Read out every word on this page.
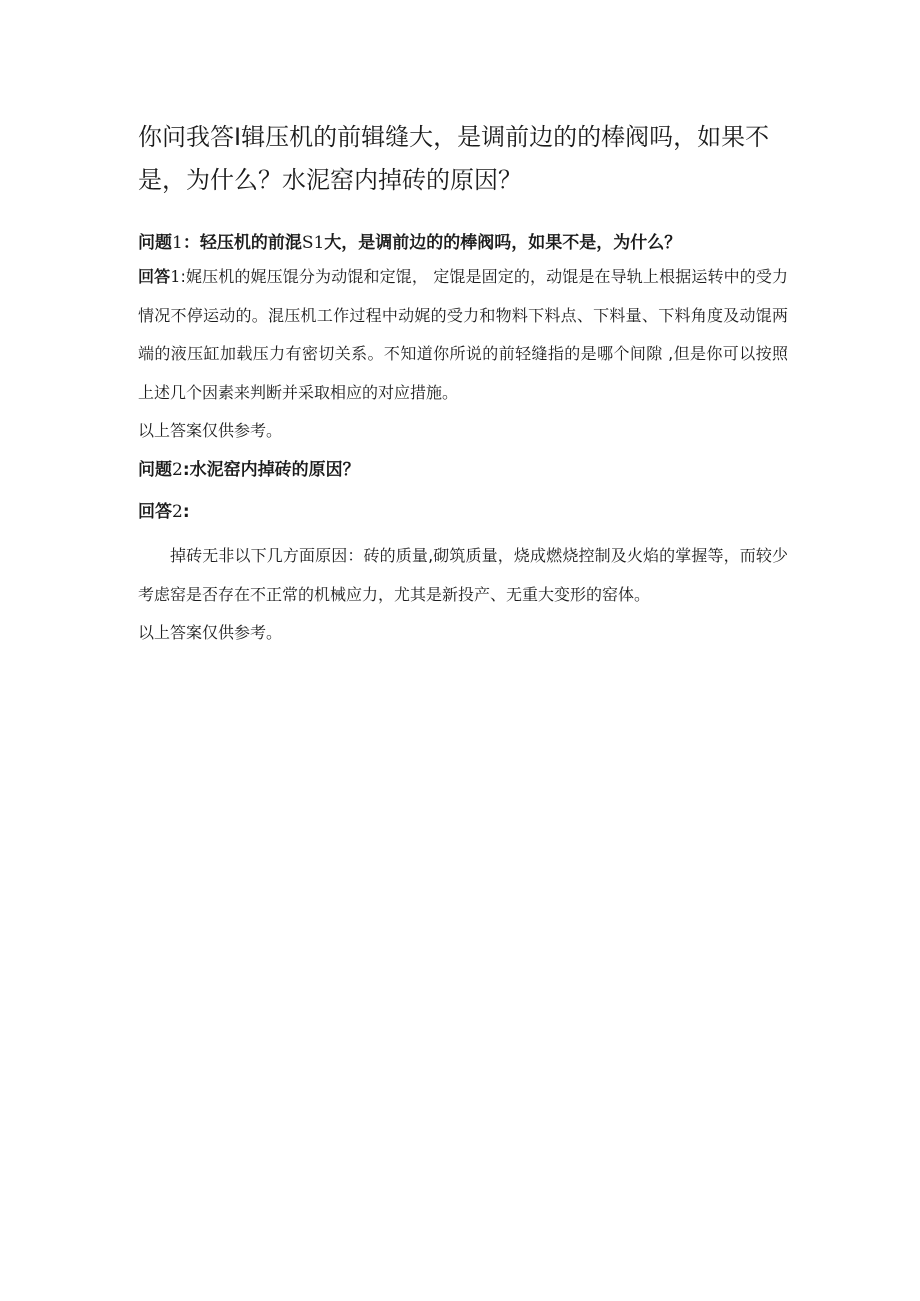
你问我答Ⅰ辑压机的前辑缝大，是调前边的的棒阀吗，如果不是，为什么？水泥窑内掉砖的原因？

问题1：轻压机的前混S1大，是调前边的的棒阀吗，如果不是，为什么？

回答1:娓压机的娓压馄分为动馄和定馄， 定馄是固定的，动馄是在导轨上根据运转中的受力情况不停运动的。混压机工作过程中动娓的受力和物料下料点、下料量、下料角度及动馄两端的液压缸加载压力有密切关系。不知道你所说的前轻缝指的是哪个间隙 ,但是你可以按照上述几个因素来判断并采取相应的对应措施。

以上答案仅供参考。

问题2:水泥窑内掉砖的原因？

回答2:

掉砖无非以下几方面原因：砖的质量,砌筑质量，烧成燃烧控制及火焰的掌握等，而较少考虑窑是否存在不正常的机械应力，尤其是新投产、无重大变形的窑体。

以上答案仅供参考。
